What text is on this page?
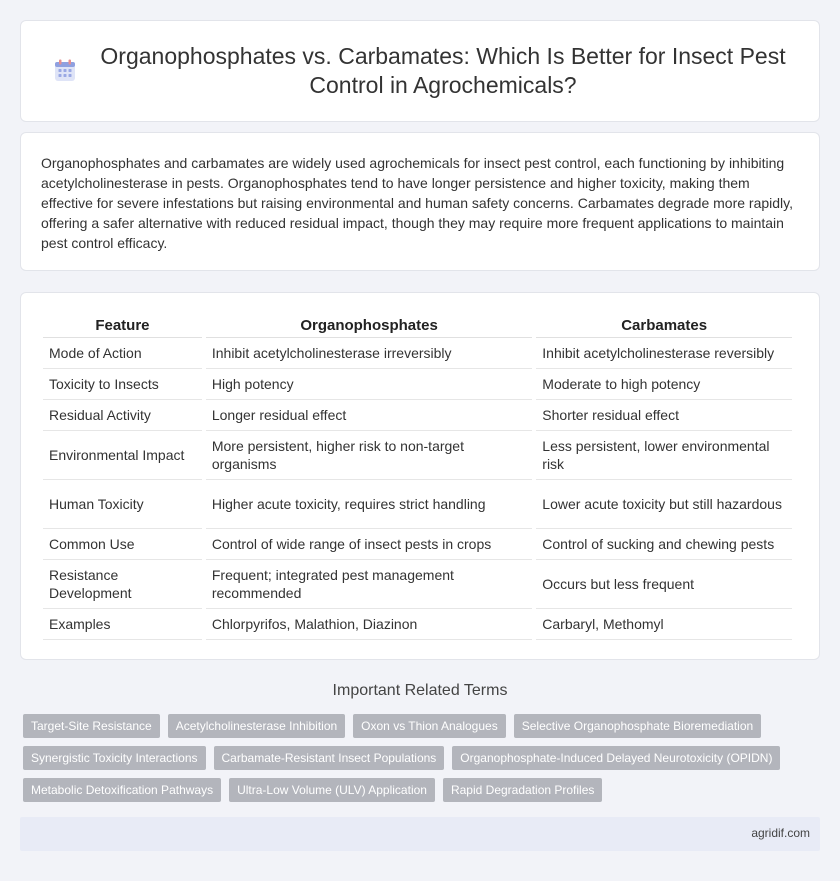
Organophosphates vs. Carbamates: Which Is Better for Insect Pest Control in Agrochemicals?

Organophosphates and carbamates are widely used agrochemicals for insect pest control, each functioning by inhibiting acetylcholinesterase in pests. Organophosphates tend to have longer persistence and higher toxicity, making them effective for severe infestations but raising environmental and human safety concerns. Carbamates degrade more rapidly, offering a safer alternative with reduced residual impact, though they may require more frequent applications to maintain pest control efficacy.

Feature	Organophosphates	Carbamates
Mode of Action	Inhibit acetylcholinesterase irreversibly	Inhibit acetylcholinesterase reversibly
Toxicity to Insects	High potency	Moderate to high potency
Residual Activity	Longer residual effect	Shorter residual effect
Environmental Impact	More persistent, higher risk to non-target organisms	Less persistent, lower environmental risk
Human Toxicity	Higher acute toxicity, requires strict handling	Lower acute toxicity but still hazardous
Common Use	Control of wide range of insect pests in crops	Control of sucking and chewing pests
Resistance Development	Frequent; integrated pest management recommended	Occurs but less frequent
Examples	Chlorpyrifos, Malathion, Diazinon	Carbaryl, Methomyl
Important Related Terms
Target-Site Resistance	Acetylcholinesterase Inhibition	Oxon vs Thion Analogues	Selective Organophosphate Bioremediation
Synergistic Toxicity Interactions	Carbamate-Resistant Insect Populations	Organophosphate-Induced Delayed Neurotoxicity (OPIDN)
Metabolic Detoxification Pathways	Ultra-Low Volume (ULV) Application	Rapid Degradation Profiles
agridif.com
